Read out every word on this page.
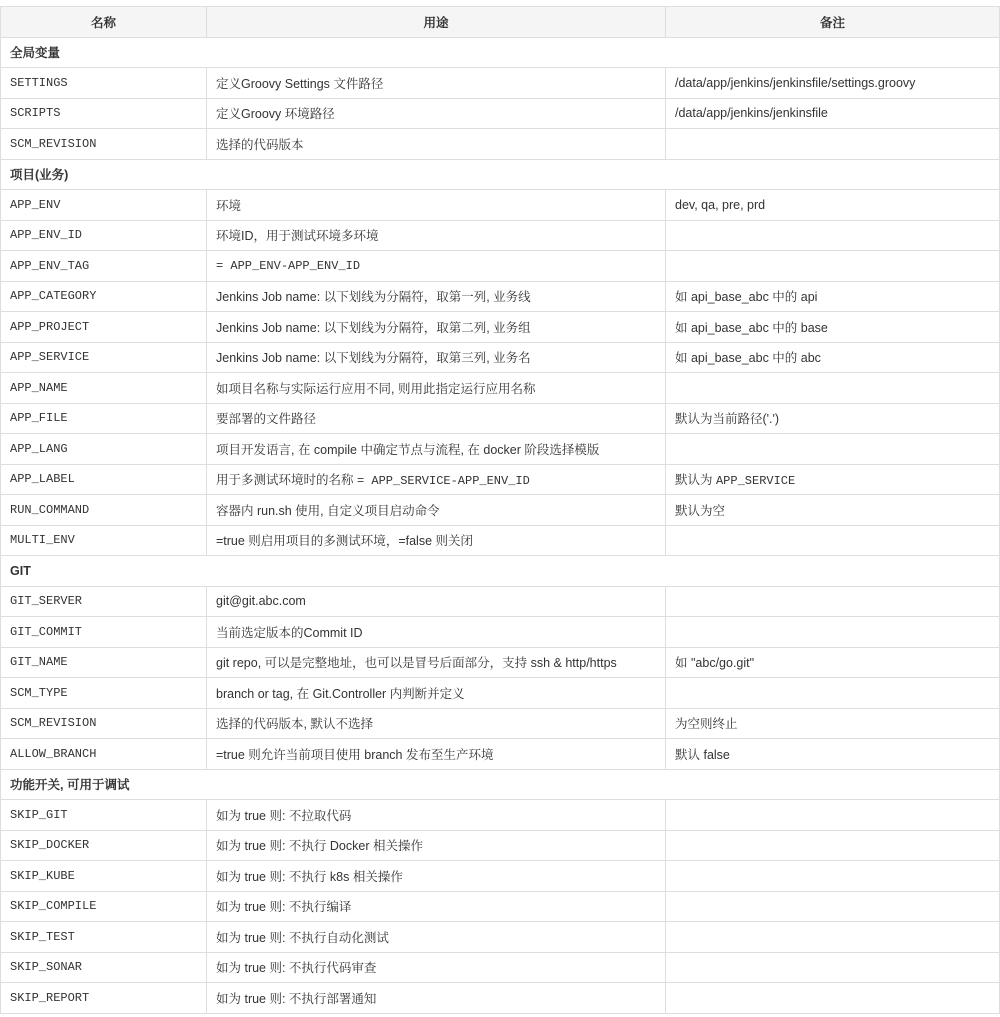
名称	用途	备注
全局变量		
SETTINGS	定义Groovy Settings 文件路径	/data/app/jenkins/jenkinsfile/settings.groovy
SCRIPTS	定义Groovy 环境路径	/data/app/jenkins/jenkinsfile
SCM_REVISION	选择的代码版本	
项目(业务)		
APP_ENV	环境	dev, qa, pre, prd
APP_ENV_ID	环境ID，用于测试环境多环境	
APP_ENV_TAG	= APP_ENV-APP_ENV_ID	
APP_CATEGORY	Jenkins Job name: 以下划线为分隔符，取第一列, 业务线	如 api_base_abc 中的 api
APP_PROJECT	Jenkins Job name: 以下划线为分隔符，取第二列, 业务组	如 api_base_abc 中的 base
APP_SERVICE	Jenkins Job name: 以下划线为分隔符，取第三列, 业务名	如 api_base_abc 中的 abc
APP_NAME	如项目名称与实际运行应用不同, 则用此指定运行应用名称	
APP_FILE	要部署的文件路径	默认为当前路径('.')
APP_LANG	项目开发语言, 在 compile 中确定节点与流程, 在 docker 阶段选择模版	
APP_LABEL	用于多测试环境时的名称 = APP_SERVICE-APP_ENV_ID	默认为 APP_SERVICE
RUN_COMMAND	容器内 run.sh 使用, 自定义项目启动命令	默认为空
MULTI_ENV	=true 则启用项目的多测试环境，=false 则关闭	
GIT		
GIT_SERVER	git@git.abc.com	
GIT_COMMIT	当前选定版本的Commit ID	
GIT_NAME	git repo, 可以是完整地址，也可以是冒号后面部分，支持 ssh & http/https	如 "abc/go.git"
SCM_TYPE	branch or tag, 在 Git.Controller 内判断并定义	
SCM_REVISION	选择的代码版本, 默认不选择	为空则终止
ALLOW_BRANCH	=true 则允许当前项目使用 branch 发布至生产环境	默认 false
功能开关, 可用于调试		
SKIP_GIT	如为 true 则: 不拉取代码	
SKIP_DOCKER	如为 true 则: 不执行 Docker 相关操作	
SKIP_KUBE	如为 true 则: 不执行 k8s 相关操作	
SKIP_COMPILE	如为 true 则: 不执行编译	
SKIP_TEST	如为 true 则: 不执行自动化测试	
SKIP_SONAR	如为 true 则: 不执行代码审查	
SKIP_REPORT	如为 true 则: 不执行部署通知	
